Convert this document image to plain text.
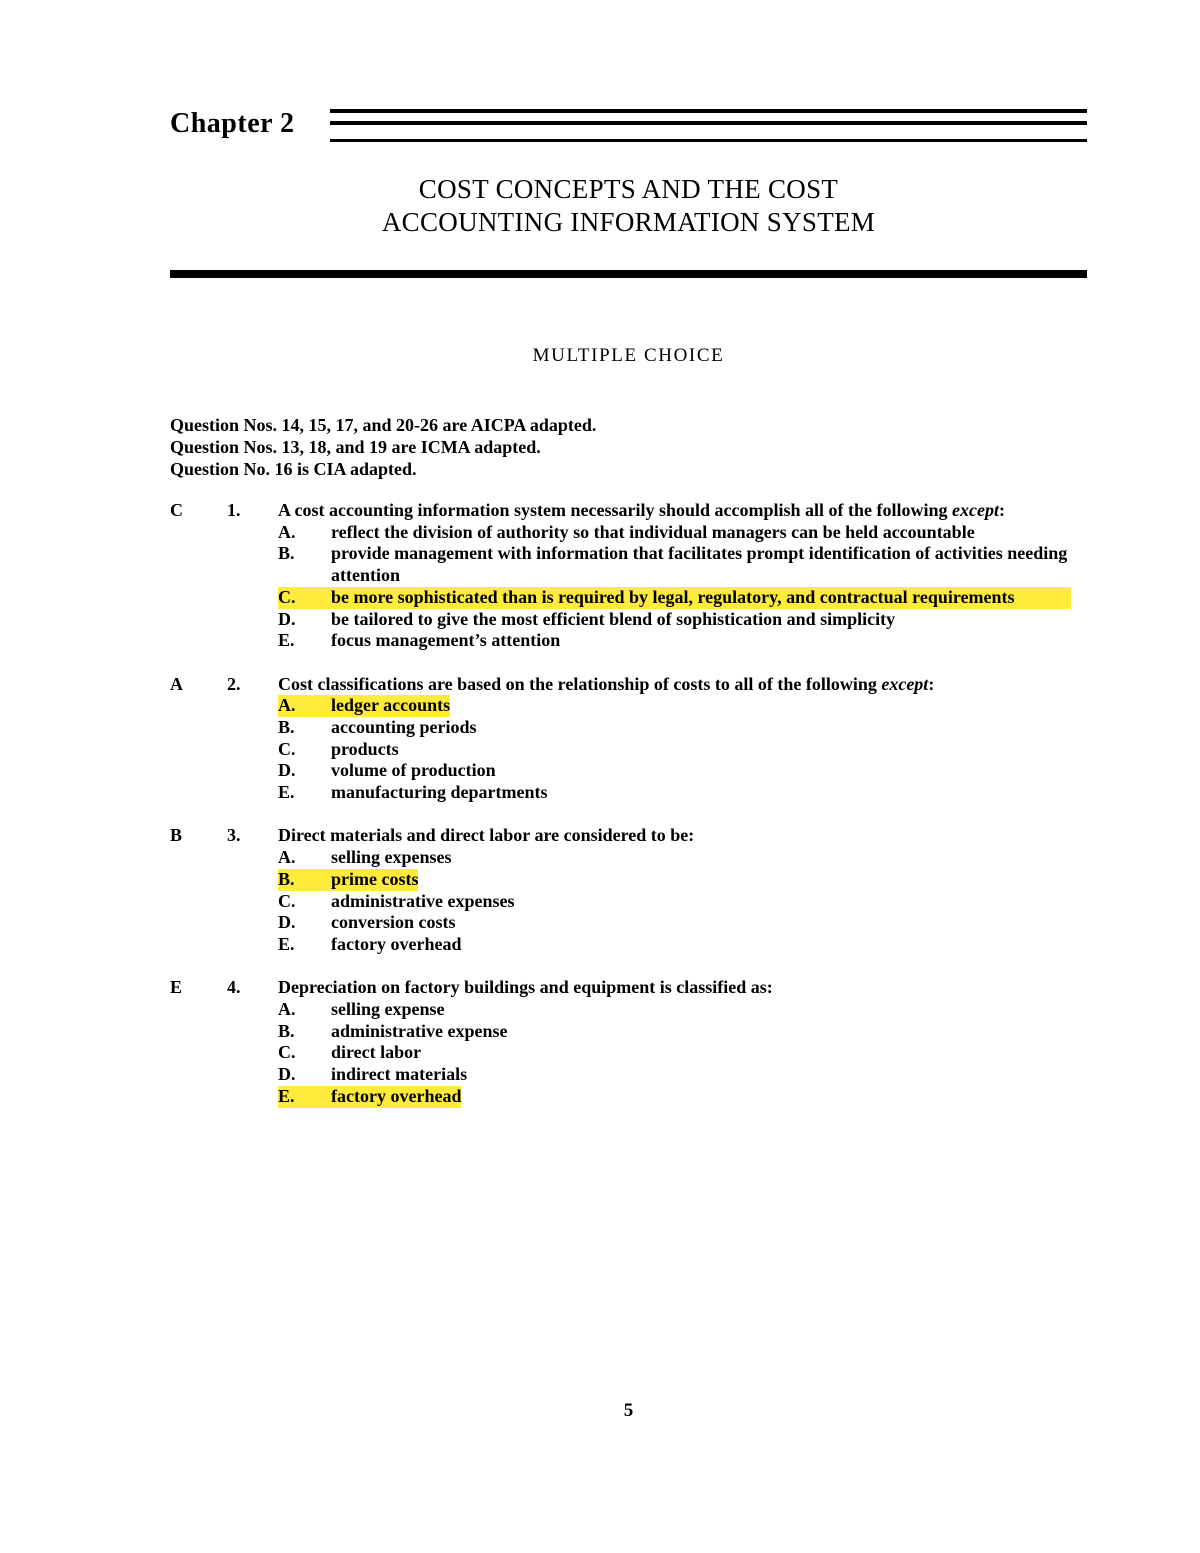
Chapter 2
COST CONCEPTS AND THE COST
ACCOUNTING INFORMATION SYSTEM
MULTIPLE CHOICE
Question Nos. 14, 15, 17, and 20-26 are AICPA adapted.
Question Nos. 13, 18, and 19 are ICMA adapted.
Question No. 16 is CIA adapted.
C 1. A cost accounting information system necessarily should accomplish all of the following except:
A. reflect the division of authority so that individual managers can be held accountable
B. provide management with information that facilitates prompt identification of activities needing attention
C. be more sophisticated than is required by legal, regulatory, and contractual requirements
D. be tailored to give the most efficient blend of sophistication and simplicity
E. focus management’s attention
A 2. Cost classifications are based on the relationship of costs to all of the following except:
A. ledger accounts
B. accounting periods
C. products
D. volume of production
E. manufacturing departments
B 3. Direct materials and direct labor are considered to be:
A. selling expenses
B. prime costs
C. administrative expenses
D. conversion costs
E. factory overhead
E 4. Depreciation on factory buildings and equipment is classified as:
A. selling expense
B. administrative expense
C. direct labor
D. indirect materials
E. factory overhead
5
